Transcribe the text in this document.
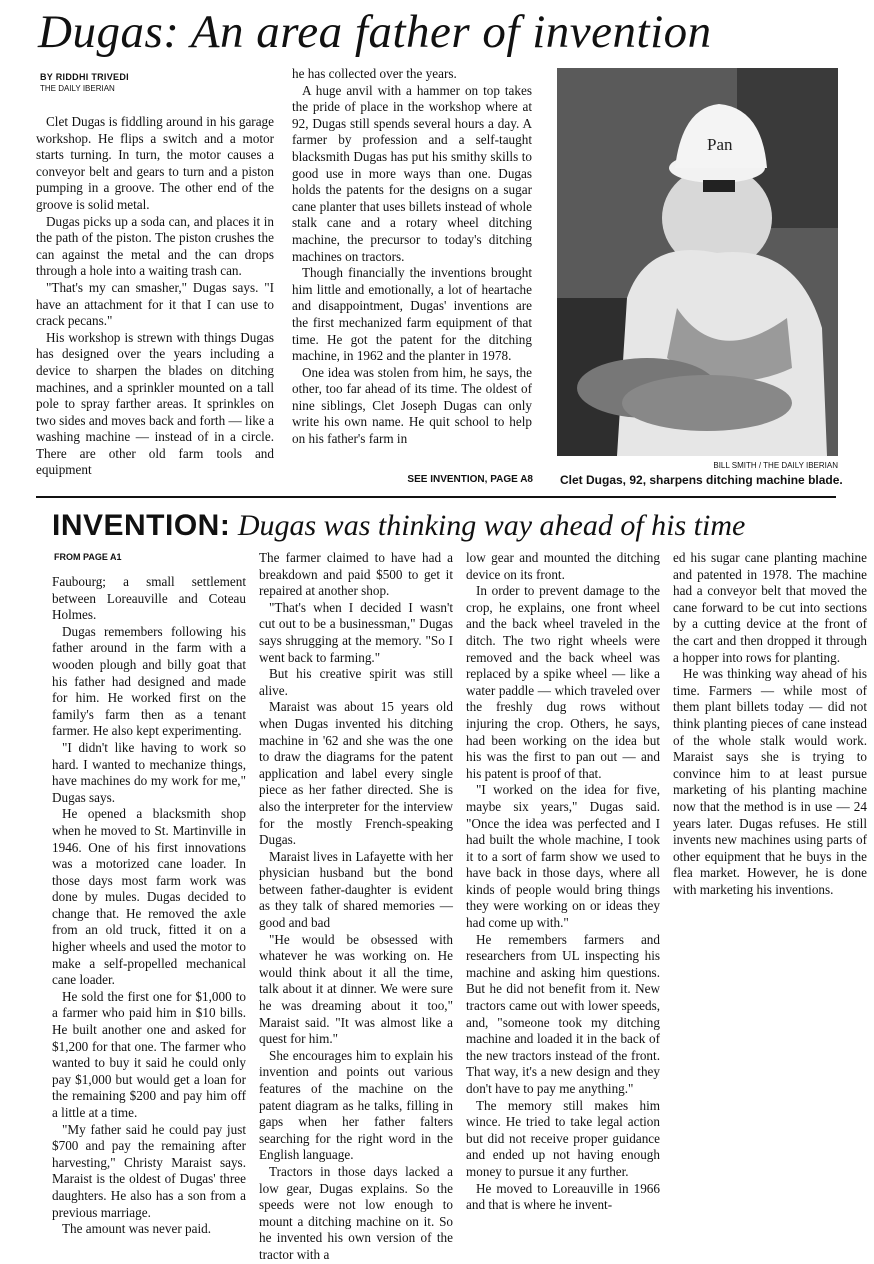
Dugas: An area father of invention
BY RIDDHI TRIVEDI
THE DAILY IBERIAN

Clet Dugas is fiddling around in his garage workshop. He flips a switch and a motor starts turning. In turn, the motor causes a conveyor belt and gears to turn and a piston pumping in a groove. The other end of the groove is solid metal.

Dugas picks up a soda can, and places it in the path of the piston. The piston crushes the can against the metal and the can drops through a hole into a waiting trash can.

"That's my can smasher," Dugas says. "I have an attachment for it that I can use to crack pecans."

His workshop is strewn with things Dugas has designed over the years including a device to sharpen the blades on ditching machines, and a sprinkler mounted on a tall pole to spray farther areas. It sprinkles on two sides and moves back and forth — like a washing machine — instead of in a circle. There are other old farm tools and equipment

he has collected over the years.

A huge anvil with a hammer on top takes the pride of place in the workshop where at 92, Dugas still spends several hours a day. A farmer by profession and a self-taught blacksmith Dugas has put his smithy skills to good use in more ways than one. Dugas holds the patents for the designs on a sugar cane planter that uses billets instead of whole stalk cane and a rotary wheel ditching machine, the precursor to today's ditching machines on tractors.

Though financially the inventions brought him little and emotionally, a lot of heartache and disappointment, Dugas' inventions are the first mechanized farm equipment of that time. He got the patent for the ditching machine, in 1962 and the planter in 1978.

One idea was stolen from him, he says, the other, too far ahead of its time. The oldest of nine siblings, Clet Joseph Dugas can only write his own name. He quit school to help on his father's farm in

SEE INVENTION, PAGE A8
Pan
BILL SMITH / THE DAILY IBERIAN
Clet Dugas, 92, sharpens ditching machine blade.
INVENTION: Dugas was thinking way ahead of his time
FROM PAGE A1

Faubourg; a small settlement between Loreauville and Coteau Holmes.

Dugas remembers following his father around in the farm with a wooden plough and billy goat that his father had designed and made for him. He worked first on the family's farm then as a tenant farmer. He also kept experimenting.

"I didn't like having to work so hard. I wanted to mechanize things, have machines do my work for me," Dugas says.

He opened a blacksmith shop when he moved to St. Martinville in 1946. One of his first innovations was a motorized cane loader. In those days most farm work was done by mules. Dugas decided to change that. He removed the axle from an old truck, fitted it on a higher wheels and used the motor to make a self-propelled mechanical cane loader.

He sold the first one for $1,000 to a farmer who paid him in $10 bills. He built another one and asked for $1,200 for that one. The farmer who wanted to buy it said he could only pay $1,000 but would get a loan for the remaining $200 and pay him off a little at a time.

"My father said he could pay just $700 and pay the remaining after harvesting," Christy Maraist says. Maraist is the oldest of Dugas' three daughters. He also has a son from a previous marriage.

The amount was never paid.

The farmer claimed to have had a breakdown and paid $500 to get it repaired at another shop.

"That's when I decided I wasn't cut out to be a businessman," Dugas says shrugging at the memory. "So I went back to farming."

But his creative spirit was still alive.

Maraist was about 15 years old when Dugas invented his ditching machine in '62 and she was the one to draw the diagrams for the patent application and label every single piece as her father directed. She is also the interpreter for the interview for the mostly French-speaking Dugas.

Maraist lives in Lafayette with her physician husband but the bond between father-daughter is evident as they talk of shared memories — good and bad

"He would be obsessed with whatever he was working on. He would think about it all the time, talk about it at dinner. We were sure he was dreaming about it too," Maraist said. "It was almost like a quest for him."

She encourages him to explain his invention and points out various features of the machine on the patent diagram as he talks, filling in gaps when her father falters searching for the right word in the English language.

Tractors in those days lacked a low gear, Dugas explains. So the speeds were not low enough to mount a ditching machine on it. So he invented his own version of the tractor with a

low gear and mounted the ditching device on its front.

In order to prevent damage to the crop, he explains, one front wheel and the back wheel traveled in the ditch. The two right wheels were removed and the back wheel was replaced by a spike wheel — like a water paddle — which traveled over the freshly dug rows without injuring the crop. Others, he says, had been working on the idea but his was the first to pan out — and his patent is proof of that.

"I worked on the idea for five, maybe six years," Dugas said. "Once the idea was perfected and I had built the whole machine, I took it to a sort of farm show we used to have back in those days, where all kinds of people would bring things they were working on or ideas they had come up with."

He remembers farmers and researchers from UL inspecting his machine and asking him questions. But he did not benefit from it. New tractors came out with lower speeds, and, "someone took my ditching machine and loaded it in the back of the new tractors instead of the front. That way, it's a new design and they don't have to pay me anything."

The memory still makes him wince. He tried to take legal action but did not receive proper guidance and ended up not having enough money to pursue it any further.

He moved to Loreauville in 1966 and that is where he invent-

ed his sugar cane planting machine and patented in 1978. The machine had a conveyor belt that moved the cane forward to be cut into sections by a cutting device at the front of the cart and then dropped it through a hopper into rows for planting.

He was thinking way ahead of his time. Farmers — while most of them plant billets today — did not think planting pieces of cane instead of the whole stalk would work. Maraist says she is trying to convince him to at least pursue marketing of his planting machine now that the method is in use — 24 years later. Dugas refuses. He still invents new machines using parts of other equipment that he buys in the flea market. However, he is done with marketing his inventions.
